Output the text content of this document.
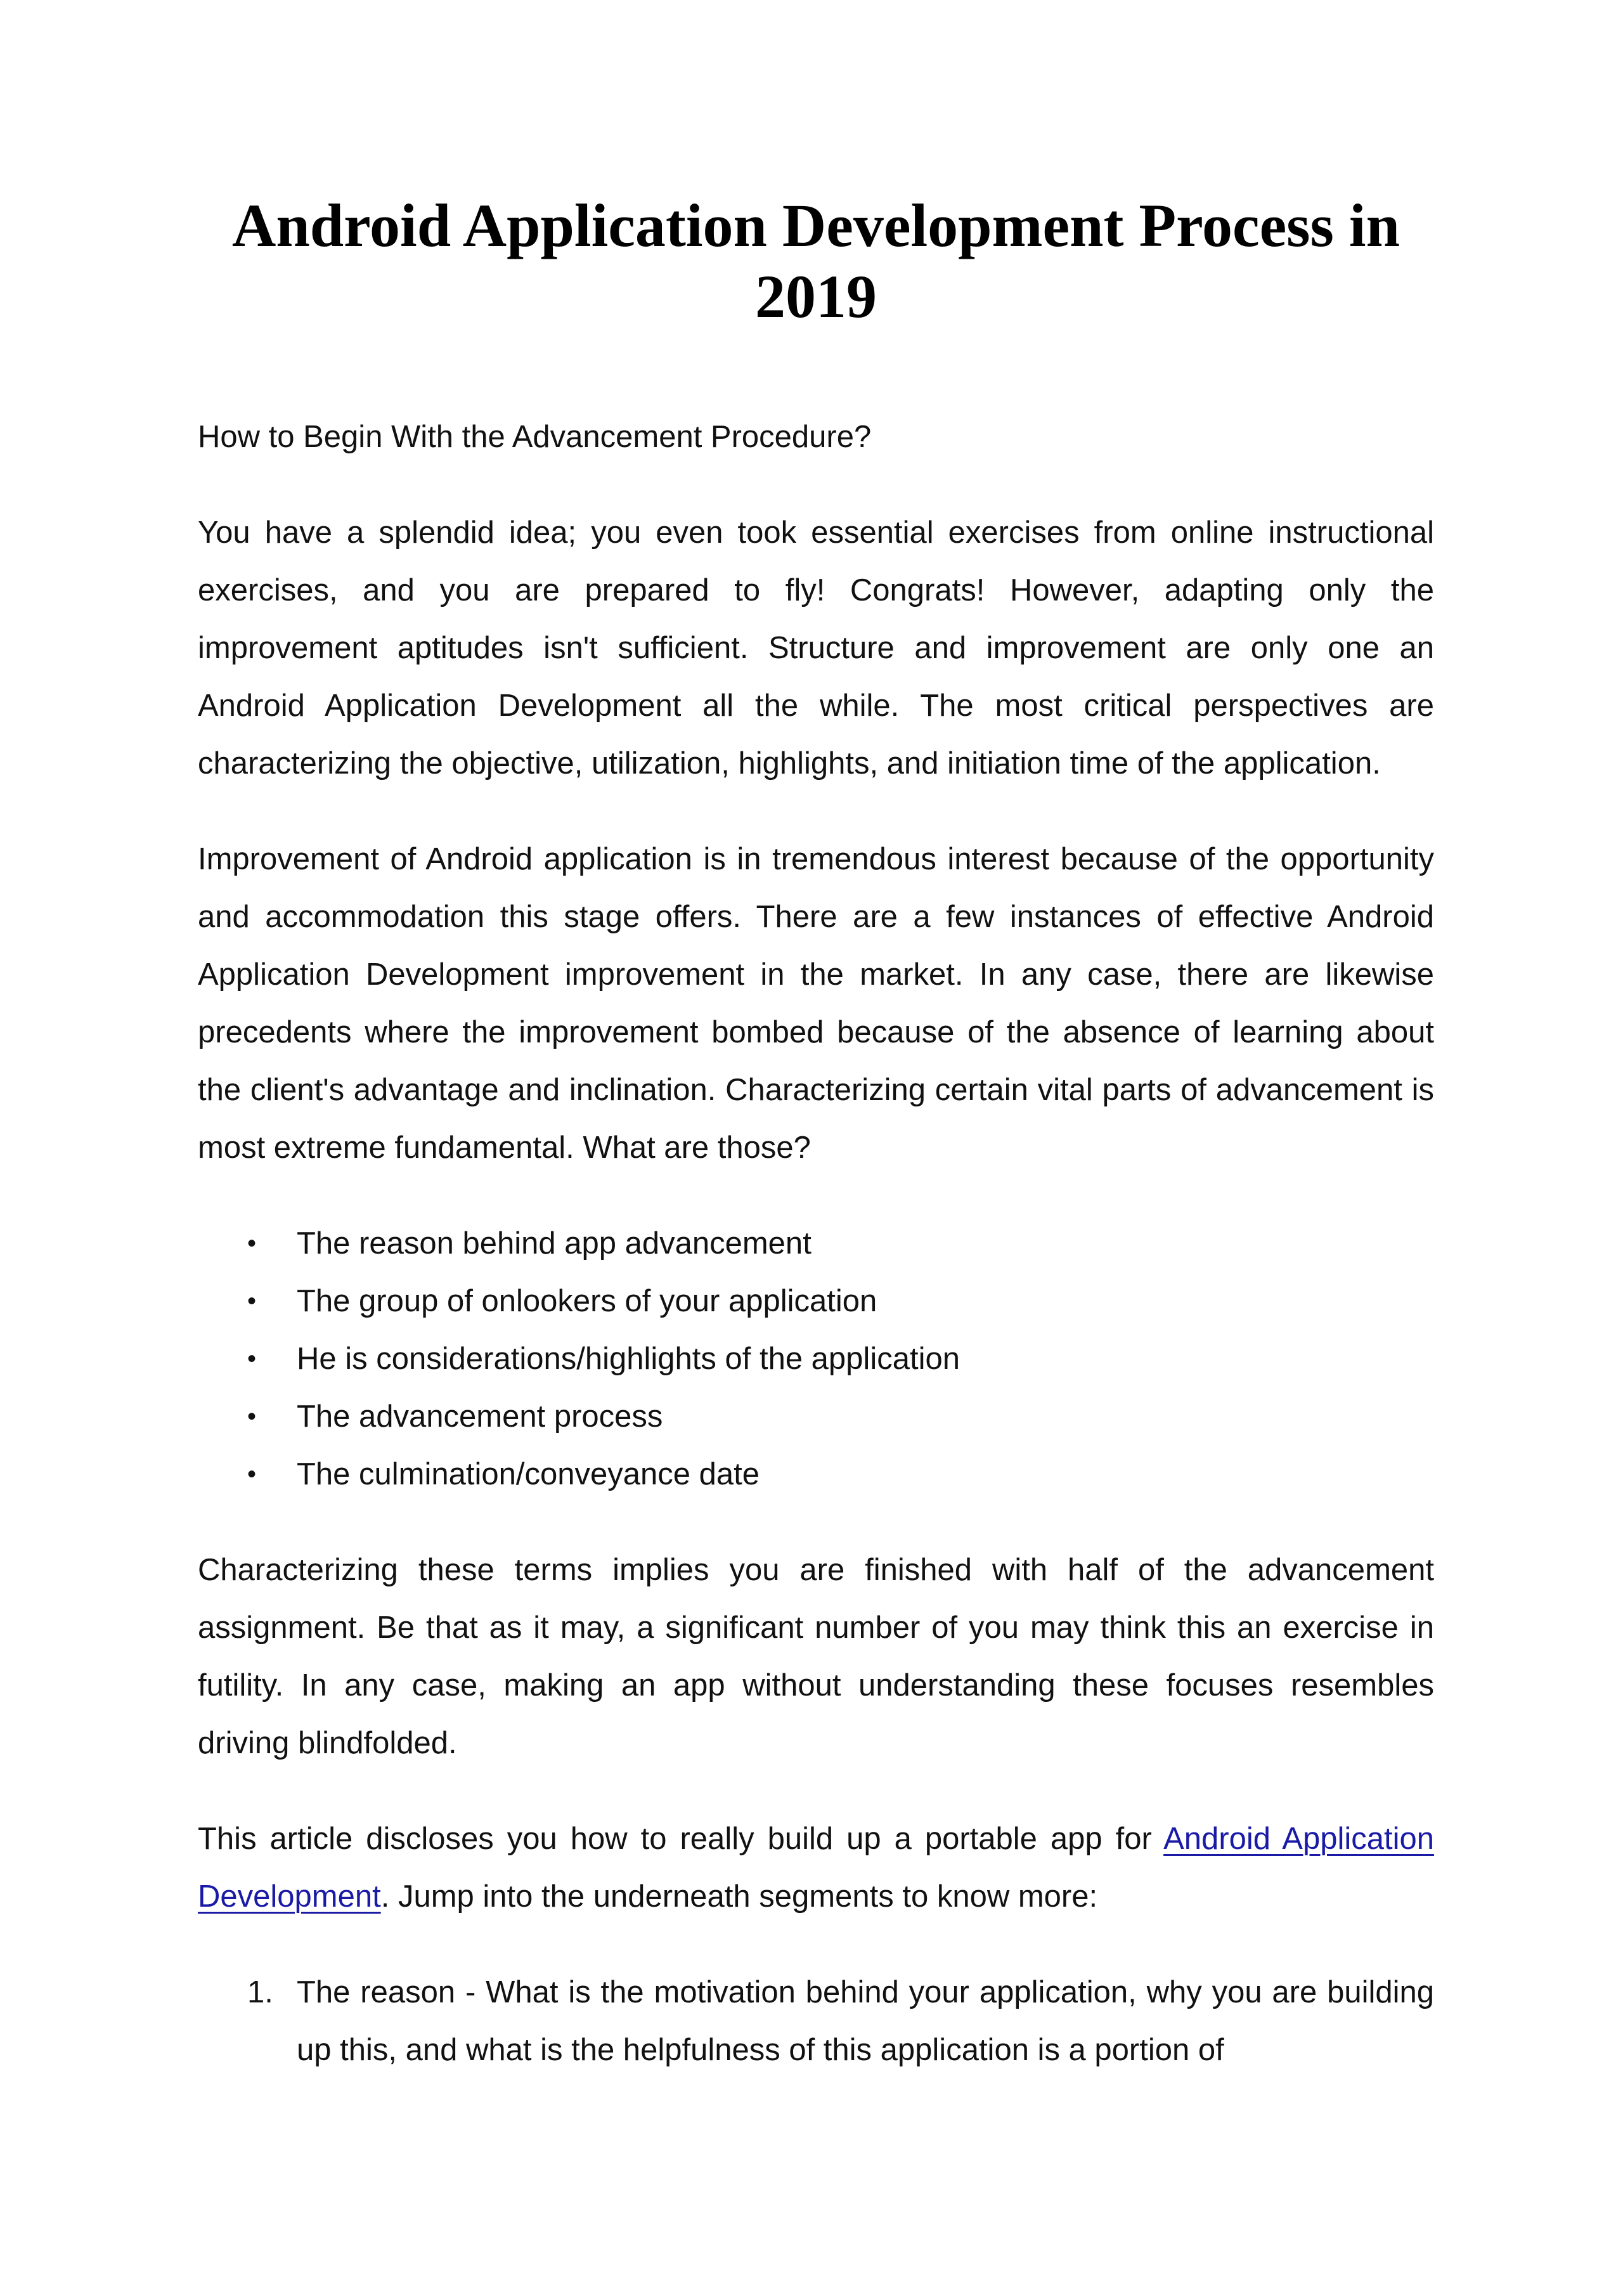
Android Application Development Process in 2019

How to Begin With the Advancement Procedure?

You have a splendid idea; you even took essential exercises from online instructional exercises, and you are prepared to fly! Congrats! However, adapting only the improvement aptitudes isn't sufficient. Structure and improvement are only one an Android Application Development all the while. The most critical perspectives are characterizing the objective, utilization, highlights, and initiation time of the application.

Improvement of Android application is in tremendous interest because of the opportunity and accommodation this stage offers. There are a few instances of effective Android Application Development improvement in the market. In any case, there are likewise precedents where the improvement bombed because of the absence of learning about the client's advantage and inclination. Characterizing certain vital parts of advancement is most extreme fundamental. What are those?

• The reason behind app advancement
• The group of onlookers of your application
• He is considerations/highlights of the application
• The advancement process
• The culmination/conveyance date

Characterizing these terms implies you are finished with half of the advancement assignment. Be that as it may, a significant number of you may think this an exercise in futility. In any case, making an app without understanding these focuses resembles driving blindfolded.

This article discloses you how to really build up a portable app for Android Application Development. Jump into the underneath segments to know more:

1. The reason - What is the motivation behind your application, why you are building up this, and what is the helpfulness of this application is a portion of
